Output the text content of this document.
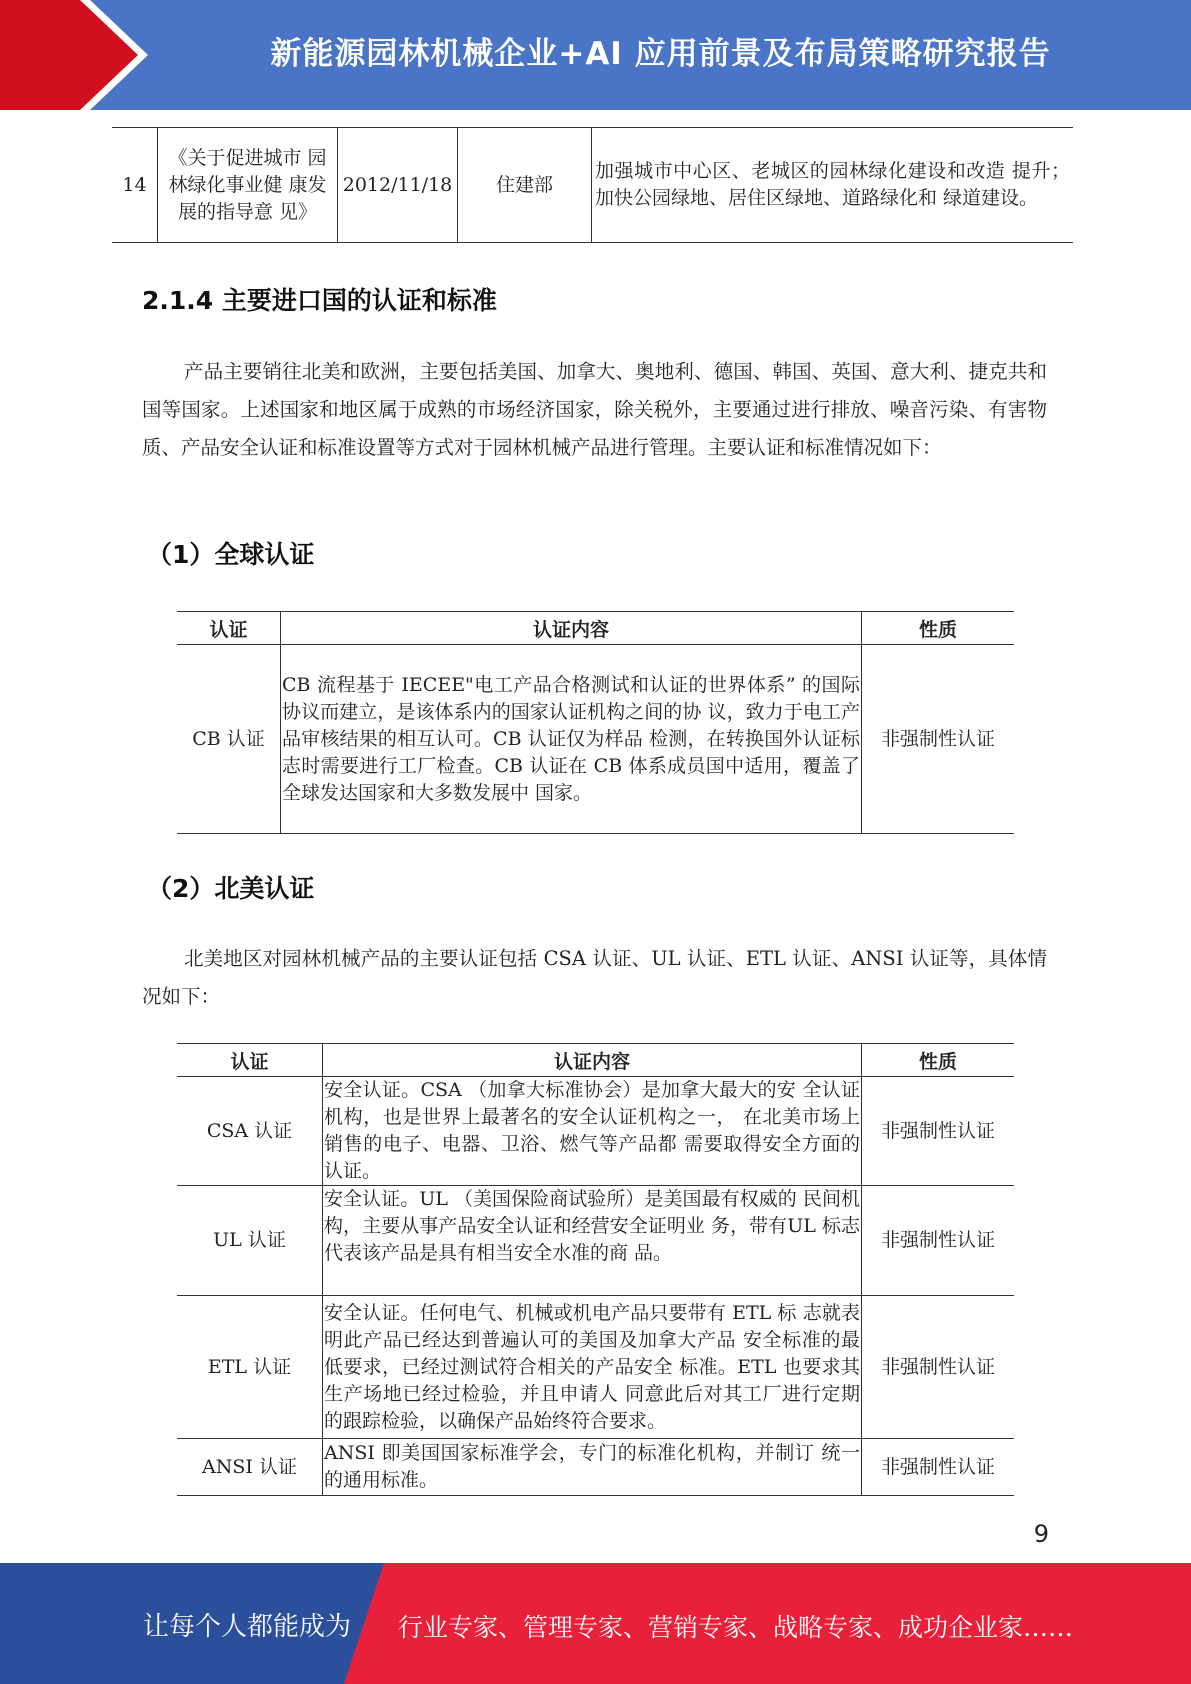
新能源园林机械企业+AI 应用前景及布局策略研究报告
14	《关于促进城市 园林绿化事业健 康发展的指导意 见》	2012/11/18	住建部	加强城市中心区、老城区的园林绿化建设和改造 提升；加快公园绿地、居住区绿地、道路绿化和 绿道建设。
2.1.4 主要进口国的认证和标准
产品主要销往北美和欧洲，主要包括美国、加拿大、奥地利、德国、韩国、英国、意大利、捷克共和国等国家。上述国家和地区属于成熟的市场经济国家，除关税外，主要通过进行排放、噪音污染、有害物质、产品安全认证和标准设置等方式对于园林机械产品进行管理。主要认证和标准情况如下：
（1）全球认证
认证	认证内容	性质
CB 认证	CB 流程基于 IECEE"电工产品合格测试和认证的世界体系” 的国际协议而建立，是该体系内的国家认证机构之间的协 议，致力于电工产品审核结果的相互认可。CB 认证仅为样品 检测，在转换国外认证标志时需要进行工厂检查。CB 认证在 CB 体系成员国中适用，覆盖了全球发达国家和大多数发展中 国家。	非强制性认证
（2）北美认证
北美地区对园林机械产品的主要认证包括 CSA 认证、UL 认证、ETL 认证、ANSI 认证等，具体情况如下：
认证	认证内容	性质
CSA 认证	安全认证。CSA （加拿大标准协会）是加拿大最大的安 全认证机构，也是世界上最著名的安全认证机构之一， 在北美市场上销售的电子、电器、卫浴、燃气等产品都 需要取得安全方面的认证。	非强制性认证
UL 认证	安全认证。UL （美国保险商试验所）是美国最有权威的 民间机构，主要从事产品安全认证和经营安全证明业 务，带有UL 标志代表该产品是具有相当安全水准的商 品。	非强制性认证
ETL 认证	安全认证。任何电气、机械或机电产品只要带有 ETL 标 志就表明此产品已经达到普遍认可的美国及加拿大产品 安全标准的最低要求，已经过测试符合相关的产品安全 标准。ETL 也要求其生产场地已经过检验，并且申请人 同意此后对其工厂进行定期的跟踪检验，以确保产品始终符合要求。	非强制性认证
ANSI 认证	ANSI 即美国国家标准学会，专门的标准化机构，并制订 统一的通用标准。	非强制性认证
9
让每个人都能成为 行业专家、管理专家、营销专家、战略专家、成功企业家……
